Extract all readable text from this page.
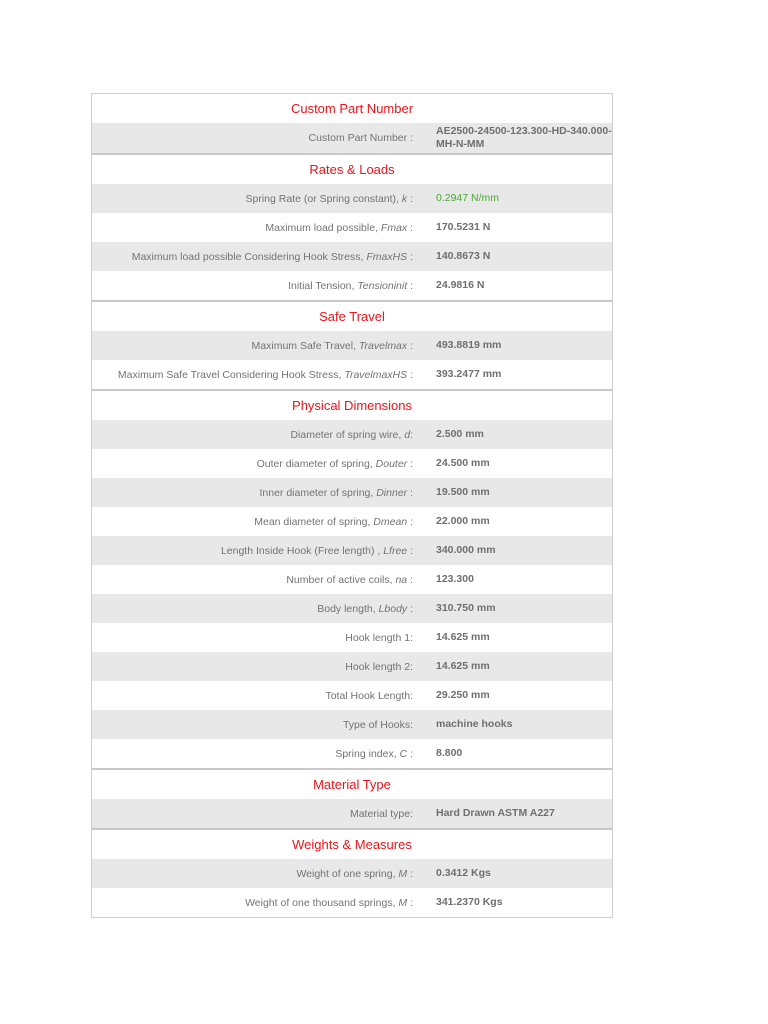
Custom Part Number
Custom Part Number :
AE2500-24500-123.300-HD-340.000-MH-N-MM
Rates & Loads
Spring Rate (or Spring constant), k :	0.2947 N/mm
Maximum load possible, Fmax :	170.5231 N
Maximum load possible Considering Hook Stress, FmaxHS :	140.8673 N
Initial Tension, Tensioninit :	24.9816 N
Safe Travel
Maximum Safe Travel, Travelmax :	493.8819 mm
Maximum Safe Travel Considering Hook Stress, TravelmaxHS :	393.2477 mm
Physical Dimensions
Diameter of spring wire, d:	2.500 mm
Outer diameter of spring, Douter :	24.500 mm
Inner diameter of spring, Dinner :	19.500 mm
Mean diameter of spring, Dmean :	22.000 mm
Length Inside Hook (Free length) , Lfree :	340.000 mm
Number of active coils, na :	123.300
Body length, Lbody :	310.750 mm
Hook length 1:	14.625 mm
Hook length 2:	14.625 mm
Total Hook Length:	29.250 mm
Type of Hooks:	machine hooks
Spring index, C :	8.800
Material Type
Material type:	Hard Drawn ASTM A227
Weights & Measures
Weight of one spring, M :	0.3412 Kgs
Weight of one thousand springs, M :	341.2370 Kgs
